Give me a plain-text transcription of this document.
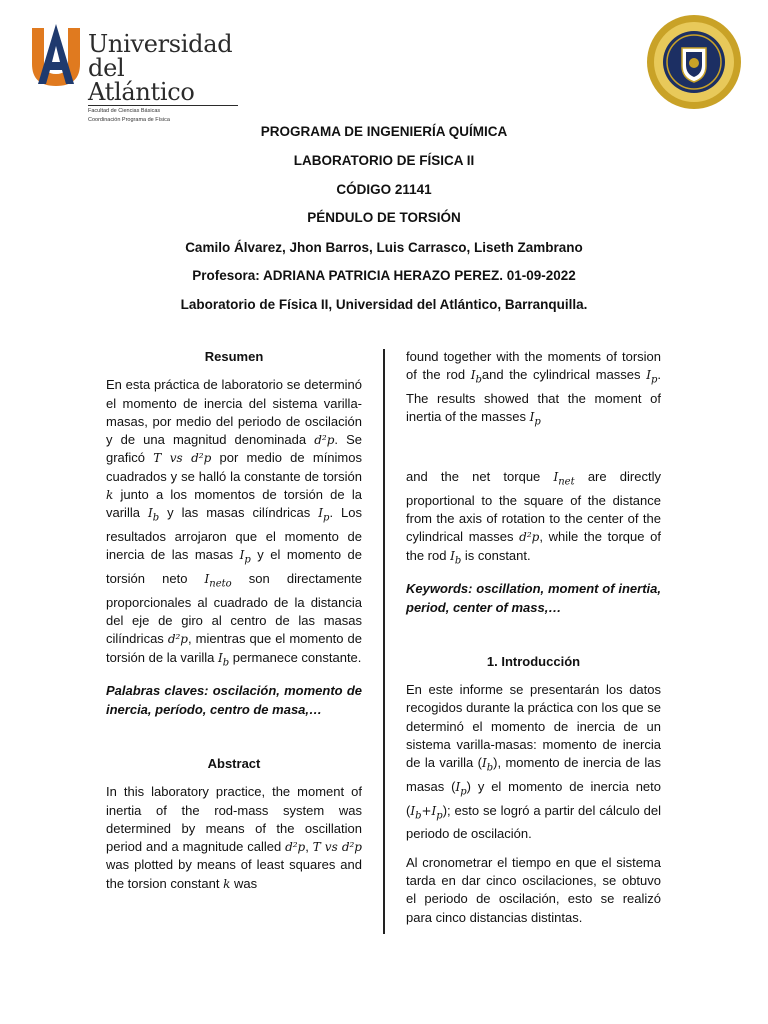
Universidad
del Atlántico
Facultad de Ciencias Básicas
Coordinación Programa de Física

PROGRAMA DE INGENIERÍA QUÍMICA

LABORATORIO DE FÍSICA II

CÓDIGO 21141

PÉNDULO DE TORSIÓN

Camilo Álvarez, Jhon Barros, Luis Carrasco, Liseth Zambrano

Profesora: ADRIANA PATRICIA HERAZO PEREZ. 01-09-2022

Laboratorio de Física II, Universidad del Atlántico, Barranquilla.

Resumen

En esta práctica de laboratorio se determinó el momento de inercia del sistema varilla-masas, por medio del periodo de oscilación y de una magnitud denominada d²p. Se graficó T vs d²p por medio de mínimos cuadrados y se halló la constante de torsión k junto a los momentos de torsión de la varilla $I_b$ y las masas cilíndricas $I_p$. Los resultados arrojaron que el momento de inercia de las masas $I_p$ y el momento de torsión neto $I_{neto}$ son directamente proporcionales al cuadrado de la distancia del eje de giro al centro de las masas cilíndricas d²p, mientras que el momento de torsión de la varilla $I_b$ permanece constante.

Palabras claves: oscilación, momento de inercia, período, centro de masa,…

Abstract

In this laboratory practice, the moment of inertia of the rod-mass system was determined by means of the oscillation period and a magnitude called d²p, T vs d²p was plotted by means of least squares and the torsion constant k was

found together with the moments of torsion of the rod $I_band$ the cylindrical masses $I_p$. The results showed that the moment of inertia of the masses $I_p$

and the net torque $I_{net}$ are directly proportional to the square of the distance from the axis of rotation to the center of the cylindrical masses d²p, while the torque of the rod $I_b$ is constant.

Keywords: oscillation, moment of inertia, period, center of mass,…

1. Introducción

En este informe se presentarán los datos recogidos durante la práctica con los que se determinó el momento de inercia de un sistema varilla-masas: momento de inercia de la varilla $(I_b)$, momento de inercia de las masas $(I_p)$ y el momento de inercia neto $(I_b+I_p)$; esto se logró a partir del cálculo del periodo de oscilación.

Al cronometrar el tiempo en que el sistema tarda en dar cinco oscilaciones, se obtuvo el periodo de oscilación, esto se realizó para cinco distancias distintas.
